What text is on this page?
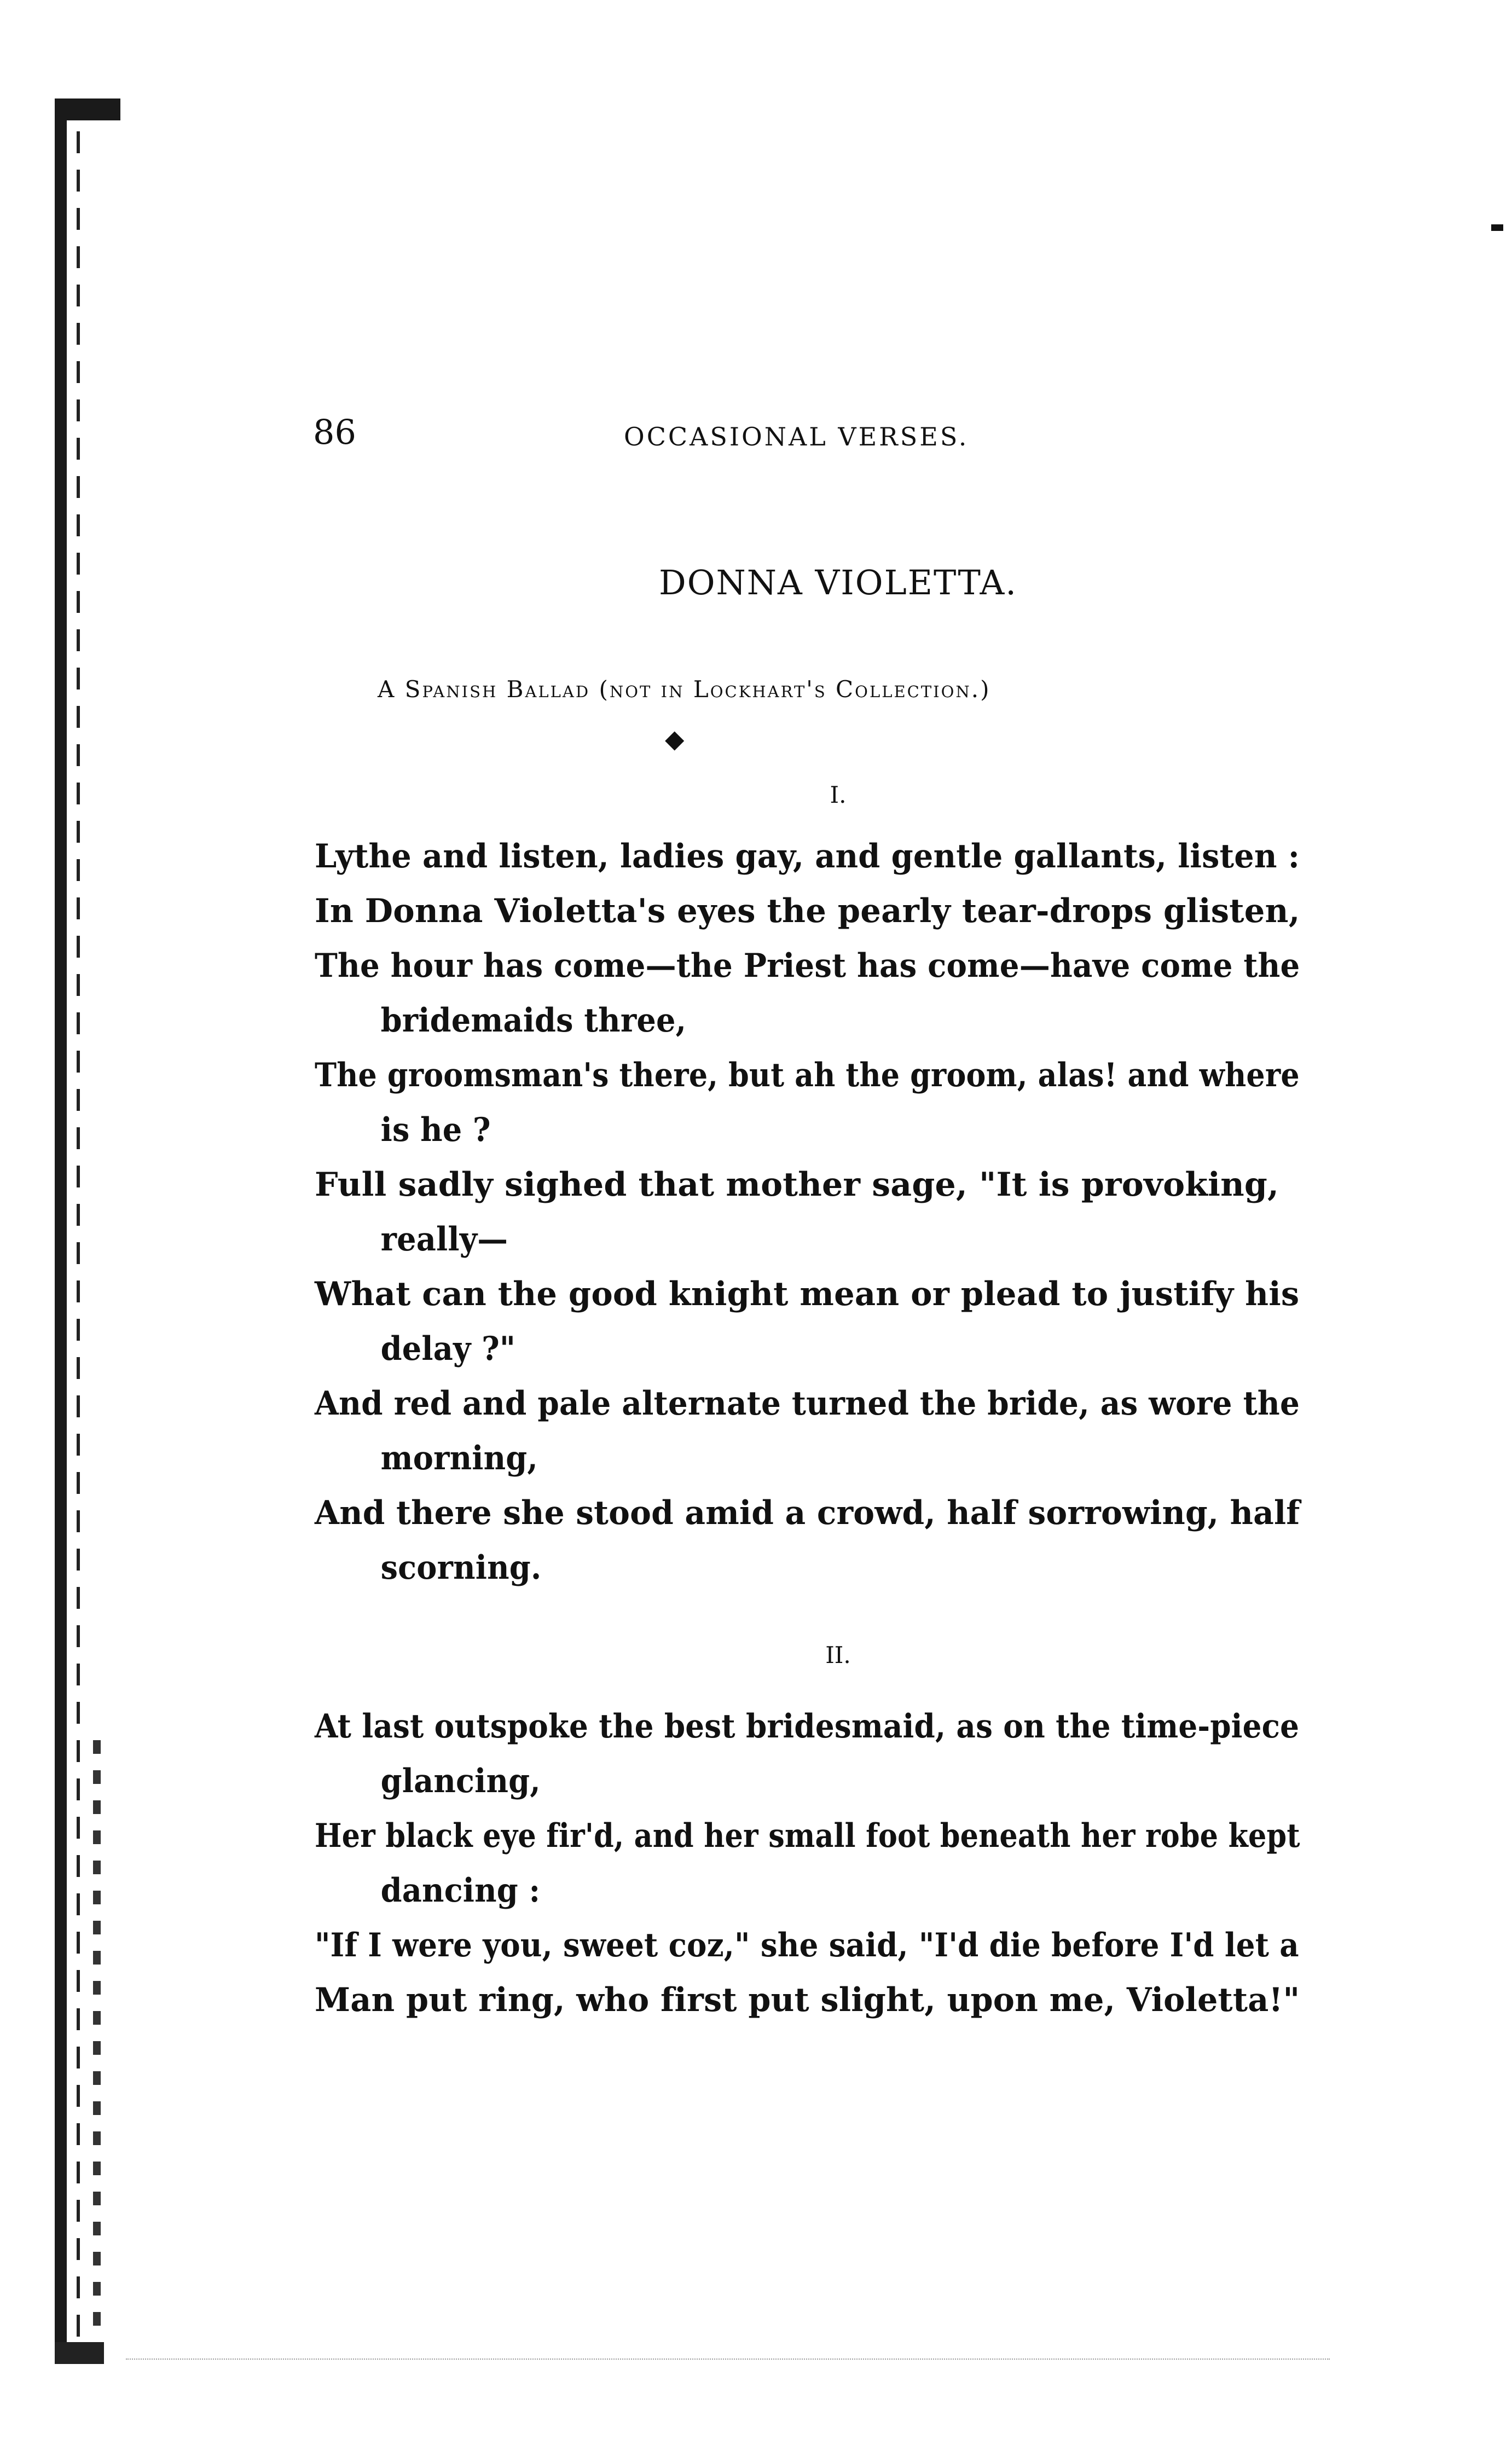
86	OCCASIONAL VERSES.
DONNA VIOLETTA.
A Spanish Ballad (not in Lockhart's Collection.)
◆
I.
Lythe and listen, ladies gay, and gentle gallants, listen :
In Donna Violetta's eyes the pearly tear-drops glisten,
The hour has come—the Priest has come—have come the
bridemaids three,
The groomsman's there, but ah the groom, alas! and where
is he ?
Full sadly sighed that mother sage, "It is provoking,
really—
What can the good knight mean or plead to justify his
delay ?"
And red and pale alternate turned the bride, as wore the
morning,
And there she stood amid a crowd, half sorrowing, half
scorning.
II.
At last outspoke the best bridesmaid, as on the time-piece
glancing,
Her black eye fir'd, and her small foot beneath her robe kept
dancing :
"If I were you, sweet coz," she said, "I'd die before I'd let a
Man put ring, who first put slight, upon me, Violetta!"
